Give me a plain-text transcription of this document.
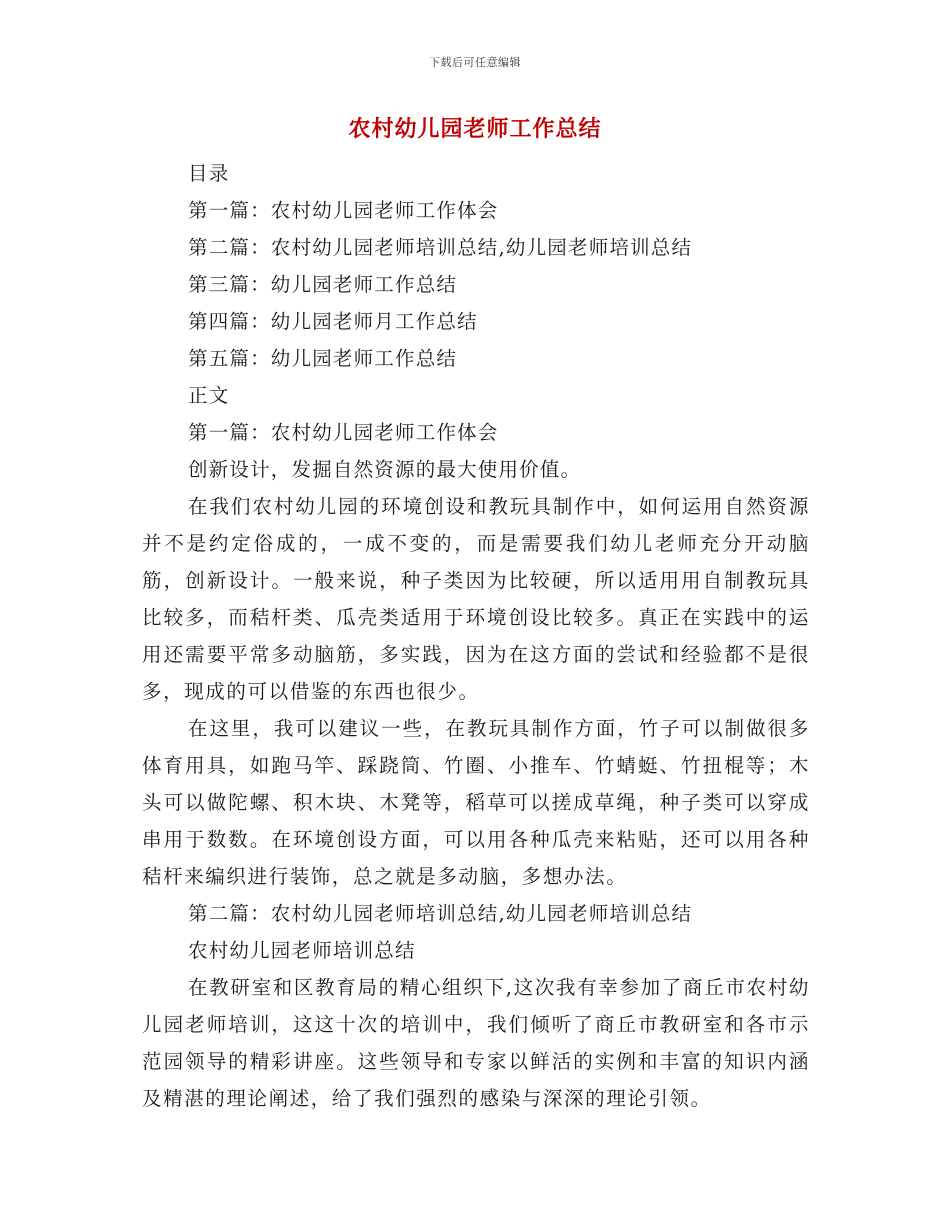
下载后可任意编辑
农村幼儿园老师工作总结

目录

第一篇：农村幼儿园老师工作体会

第二篇：农村幼儿园老师培训总结,幼儿园老师培训总结

第三篇：幼儿园老师工作总结

第四篇：幼儿园老师月工作总结

第五篇：幼儿园老师工作总结

正文

第一篇：农村幼儿园老师工作体会

创新设计，发掘自然资源的最大使用价值。

在我们农村幼儿园的环境创设和教玩具制作中，如何运用自然资源并不是约定俗成的，一成不变的，而是需要我们幼儿老师充分开动脑筋，创新设计。一般来说，种子类因为比较硬，所以适用用自制教玩具比较多，而秸杆类、瓜壳类适用于环境创设比较多。真正在实践中的运用还需要平常多动脑筋，多实践，因为在这方面的尝试和经验都不是很多，现成的可以借鉴的东西也很少。

在这里，我可以建议一些，在教玩具制作方面，竹子可以制做很多体育用具，如跑马竿、踩跷筒、竹圈、小推车、竹蜻蜓、竹扭棍等；木头可以做陀螺、积木块、木凳等，稻草可以搓成草绳，种子类可以穿成串用于数数。在环境创设方面，可以用各种瓜壳来粘贴，还可以用各种秸杆来编织进行装饰，总之就是多动脑，多想办法。

第二篇：农村幼儿园老师培训总结,幼儿园老师培训总结

农村幼儿园老师培训总结

在教研室和区教育局的精心组织下,这次我有幸参加了商丘市农村幼儿园老师培训，这这十次的培训中，我们倾听了商丘市教研室和各市示范园领导的精彩讲座。这些领导和专家以鲜活的实例和丰富的知识内涵及精湛的理论阐述，给了我们强烈的感染与深深的理论引领。
